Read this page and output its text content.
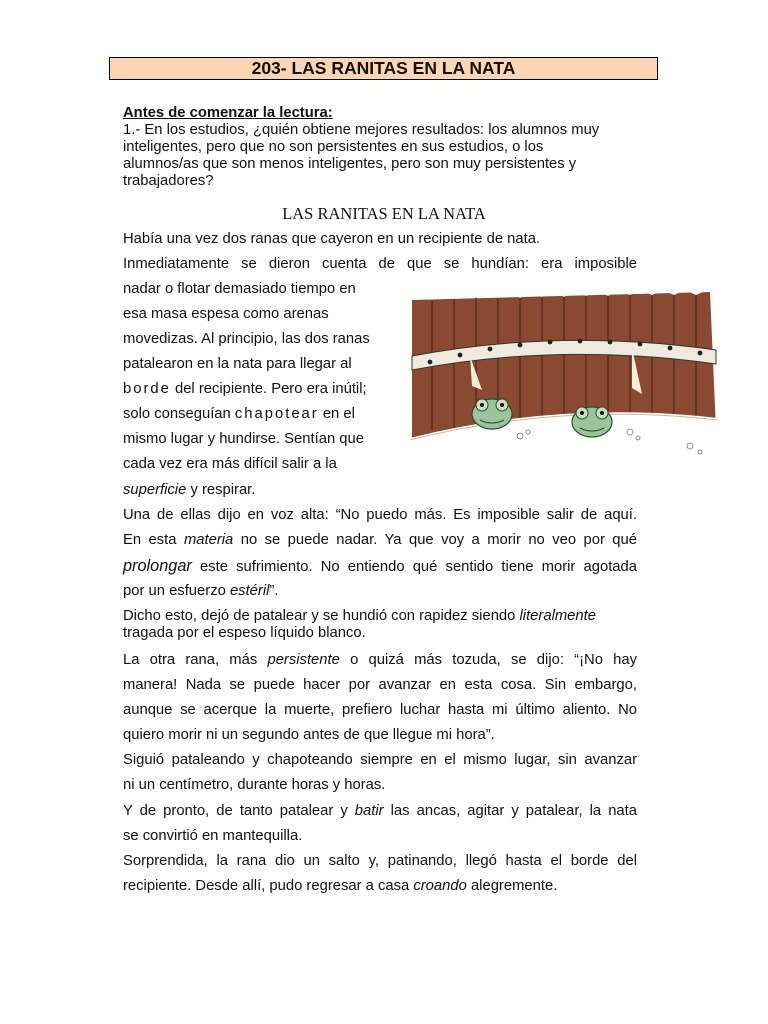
203- LAS RANITAS EN LA NATA
Antes de comenzar la lectura:
1.- En los estudios, ¿quién obtiene mejores resultados: los alumnos muy
inteligentes, pero que no son persistentes en sus estudios, o los
alumnos/as que son menos inteligentes, pero son muy persistentes y
trabajadores?
LAS RANITAS EN LA NATA
Había una vez dos ranas que cayeron en un recipiente de nata.
Inmediatamente se dieron cuenta de que se hundían: era imposible
nadar o flotar demasiado tiempo en
esa masa espesa como arenas
movedizas. Al principio, las dos ranas
patalearon en la nata para llegar al
borde del recipiente. Pero era inútil;
solo conseguían chapotear en el
mismo lugar y hundirse. Sentían que
cada vez era más difícil salir a la
superficie y respirar.
Una de ellas dijo en voz alta: “No puedo más. Es imposible salir de aquí.
En esta materia no se puede nadar. Ya que voy a morir no veo por qué
prolongar este sufrimiento. No entiendo qué sentido tiene morir agotada
por un esfuerzo estéril”.
Dicho esto, dejó de patalear y se hundió con rapidez siendo literalmente
tragada por el espeso líquido blanco.
La otra rana, más persistente o quizá más tozuda, se dijo: “¡No hay
manera! Nada se puede hacer por avanzar en esta cosa. Sin embargo,
aunque se acerque la muerte, prefiero luchar hasta mi último aliento. No
quiero morir ni un segundo antes de que llegue mi hora”.
Siguió pataleando y chapoteando siempre en el mismo lugar, sin avanzar
ni un centímetro, durante horas y horas.
Y de pronto, de tanto patalear y batir las ancas, agitar y patalear, la nata
se convirtió en mantequilla.
Sorprendida, la rana dio un salto y, patinando, llegó hasta el borde del
recipiente. Desde allí, pudo regresar a casa croando alegremente.
